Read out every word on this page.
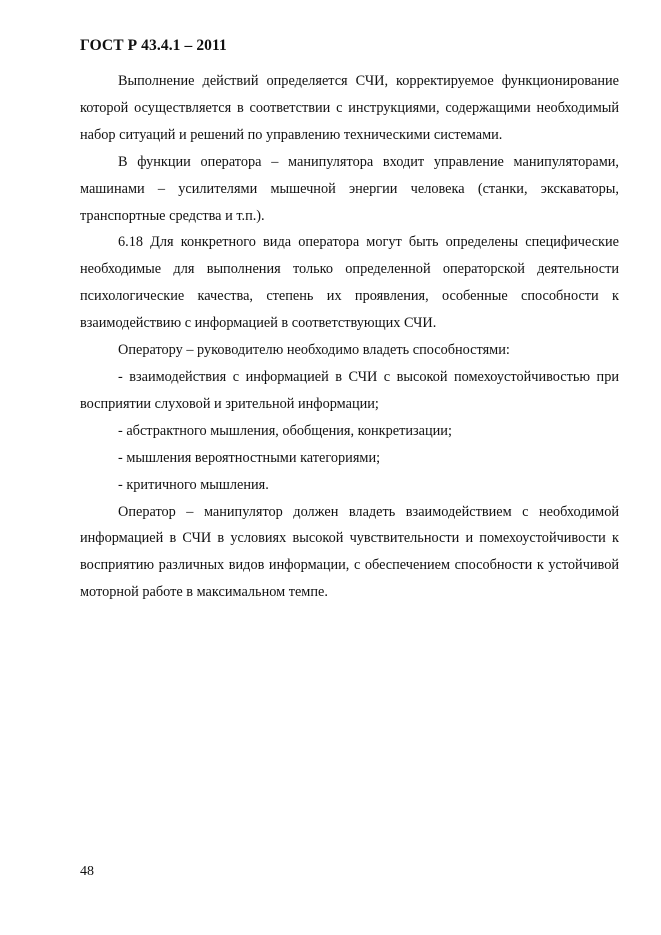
ГОСТ Р 43.4.1 – 2011

Выполнение действий определяется СЧИ, корректируемое функционирование которой осуществляется в соответствии с инструкциями, содержащими необходимый набор ситуаций и решений по управлению техническими системами.

В функции оператора – манипулятора входит управление манипуляторами, машинами – усилителями мышечной энергии человека (станки, экскаваторы, транспортные средства и т.п.).

6.18 Для конкретного вида оператора могут быть определены специфические необходимые для выполнения только определенной операторской деятельности психологические качества, степень их проявления, особенные способности к взаимодействию с информацией в соответствующих СЧИ.

Оператору – руководителю необходимо владеть способностями:

- взаимодействия с информацией в СЧИ с высокой помехоустойчивостью при восприятии слуховой и зрительной информации;

- абстрактного мышления, обобщения, конкретизации;

- мышления вероятностными категориями;

- критичного мышления.

Оператор – манипулятор должен владеть взаимодействием с необходимой информацией в СЧИ в условиях высокой чувствительности и помехоустойчивости к восприятию различных видов информации, с обеспечением способности к устойчивой моторной работе в максимальном темпе.

48
